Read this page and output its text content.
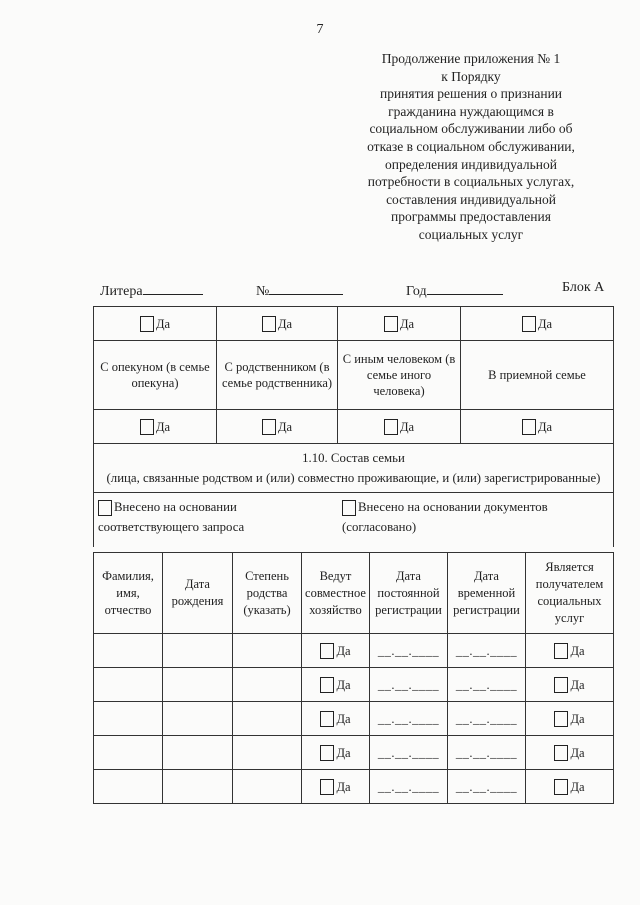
7
Продолжение приложения № 1
к Порядку
принятия решения о признании
гражданина нуждающимся в
социальном обслуживании либо об
отказе в социальном обслуживании,
определения индивидуальной
потребности в социальных услугах,
составления индивидуальной
программы предоставления
социальных услуг
Литера	№	Год	Блок А
Да	Да	Да	Да
С опекуном (в семье опекуна)	С родственником (в семье родственника)	С иным человеком (в семье иного человека)	В приемной семье
Да	Да	Да	Да

1.10. Состав семьи
(лица, связанные родством и (или) совместно проживающие, и (или) зарегистрированные)			

Внесено на основании соответствующего запроса
Внесено на основании документов (согласовано)			
Фамилия, имя, отчество	Дата рождения	Степень родства (указать)	Ведут совместное хозяйство	Дата постоянной регистрации	Дата временной регистрации	Является получателем социальных услуг
			Да	__.__.____	__.__.____	Да
			Да	__.__.____	__.__.____	Да
			Да	__.__.____	__.__.____	Да
			Да	__.__.____	__.__.____	Да
			Да	__.__.____	__.__.____	Да
